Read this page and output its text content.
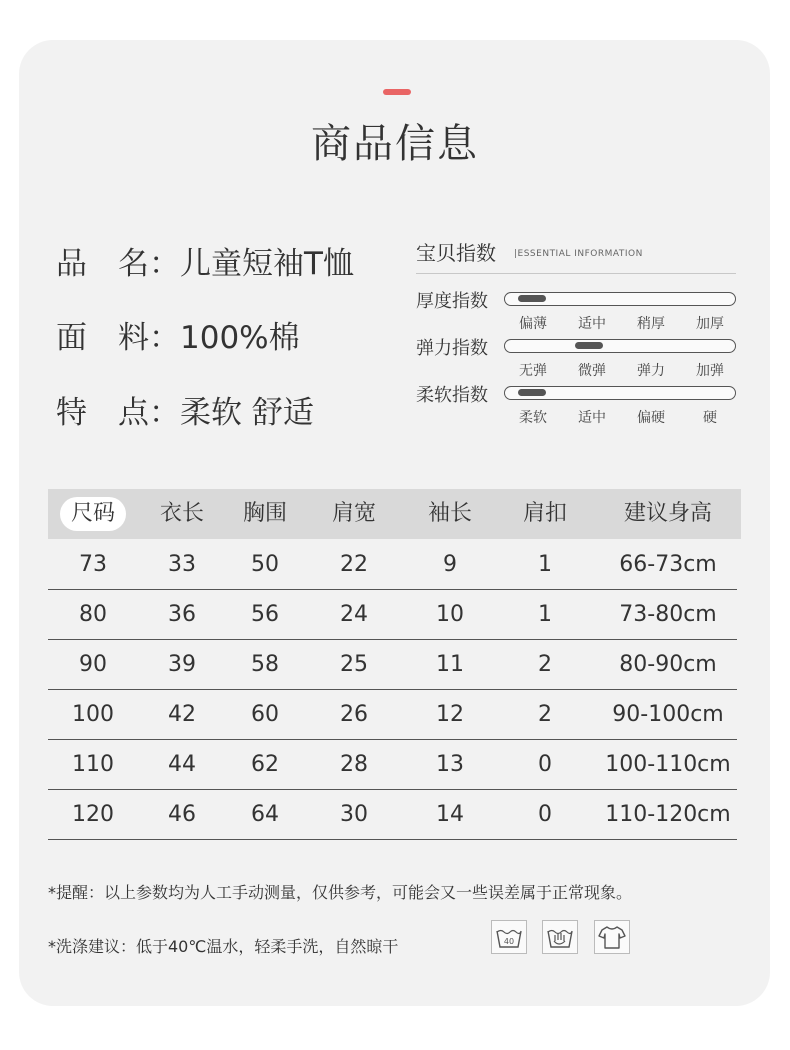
商品信息
品　名：儿童短袖T恤
面　料：100%棉
特　点：柔软 舒适
宝贝指数 |ESSENTIAL INFORMATION
厚度指数
偏薄	适中	稍厚	加厚
弹力指数
无弹	微弹	弹力	加弹
柔软指数
柔软	适中	偏硬	硬
尺码	衣长	胸围	肩宽	袖长	肩扣	建议身高
73	33	50	22	9	1	66-73cm
80	36	56	24	10	1	73-80cm
90	39	58	25	11	2	80-90cm
100	42	60	26	12	2	90-100cm
110	44	62	28	13	0	100-110cm
120	46	64	30	14	0	110-120cm
*提醒：以上参数均为人工手动测量，仅供参考，可能会又一些误差属于正常现象。
*洗涤建议：低于40℃温水，轻柔手洗，自然晾干	40
